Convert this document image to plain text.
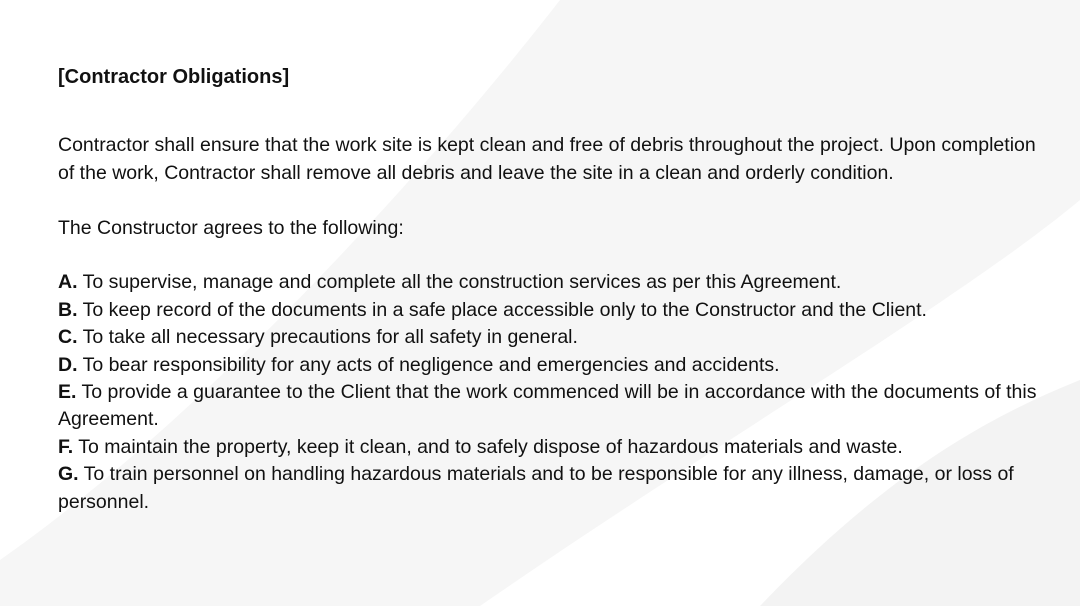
[Contractor Obligations]

Contractor shall ensure that the work site is kept clean and free of debris throughout the project. Upon completion of the work, Contractor shall remove all debris and leave the site in a clean and orderly condition.

The Constructor agrees to the following:

A. To supervise, manage and complete all the construction services as per this Agreement.
B. To keep record of the documents in a safe place accessible only to the Constructor and the Client.
C. To take all necessary precautions for all safety in general.
D. To bear responsibility for any acts of negligence and emergencies and accidents.
E. To provide a guarantee to the Client that the work commenced will be in accordance with the documents of this Agreement.
F. To maintain the property, keep it clean, and to safely dispose of hazardous materials and waste.
G. To train personnel on handling hazardous materials and to be responsible for any illness, damage, or loss of personnel.
